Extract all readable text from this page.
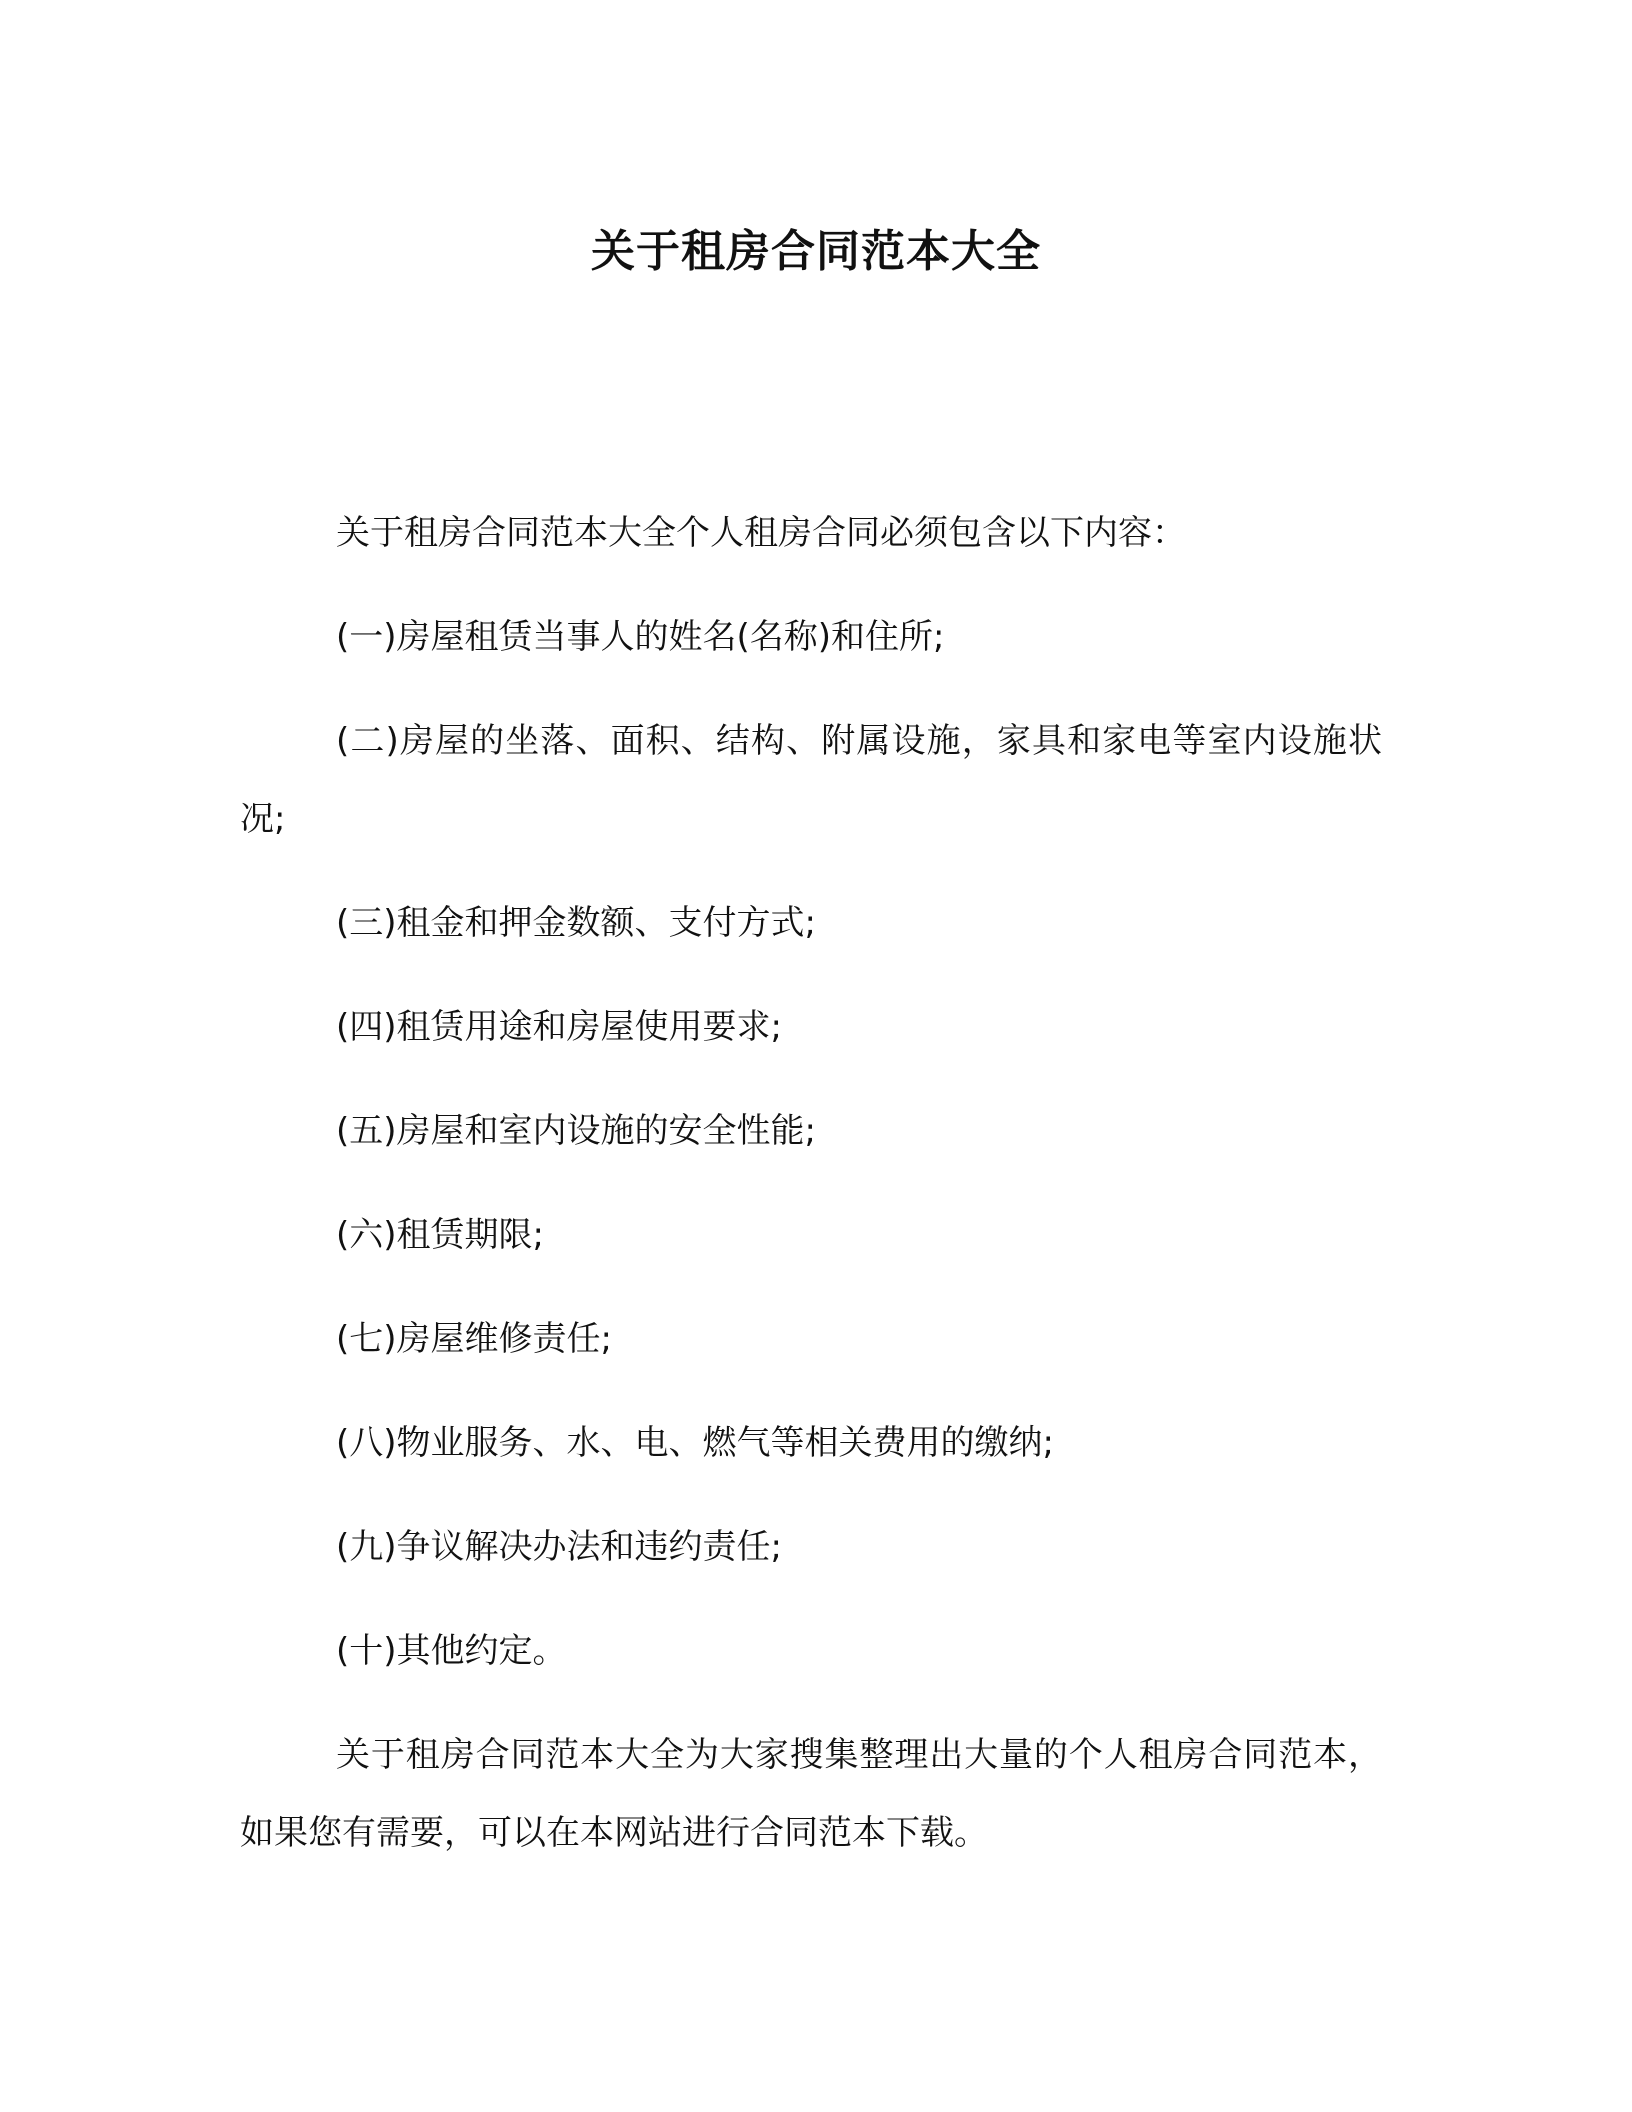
关于租房合同范本大全

关于租房合同范本大全个人租房合同必须包含以下内容：

(一)房屋租赁当事人的姓名(名称)和住所;

(二)房屋的坐落、面积、结构、附属设施，家具和家电等室内设施状况;

(三)租金和押金数额、支付方式;

(四)租赁用途和房屋使用要求;

(五)房屋和室内设施的安全性能;

(六)租赁期限;

(七)房屋维修责任;

(八)物业服务、水、电、燃气等相关费用的缴纳;

(九)争议解决办法和违约责任;

(十)其他约定。

关于租房合同范本大全为大家搜集整理出大量的个人租房合同范本，如果您有需要，可以在本网站进行合同范本下载。
